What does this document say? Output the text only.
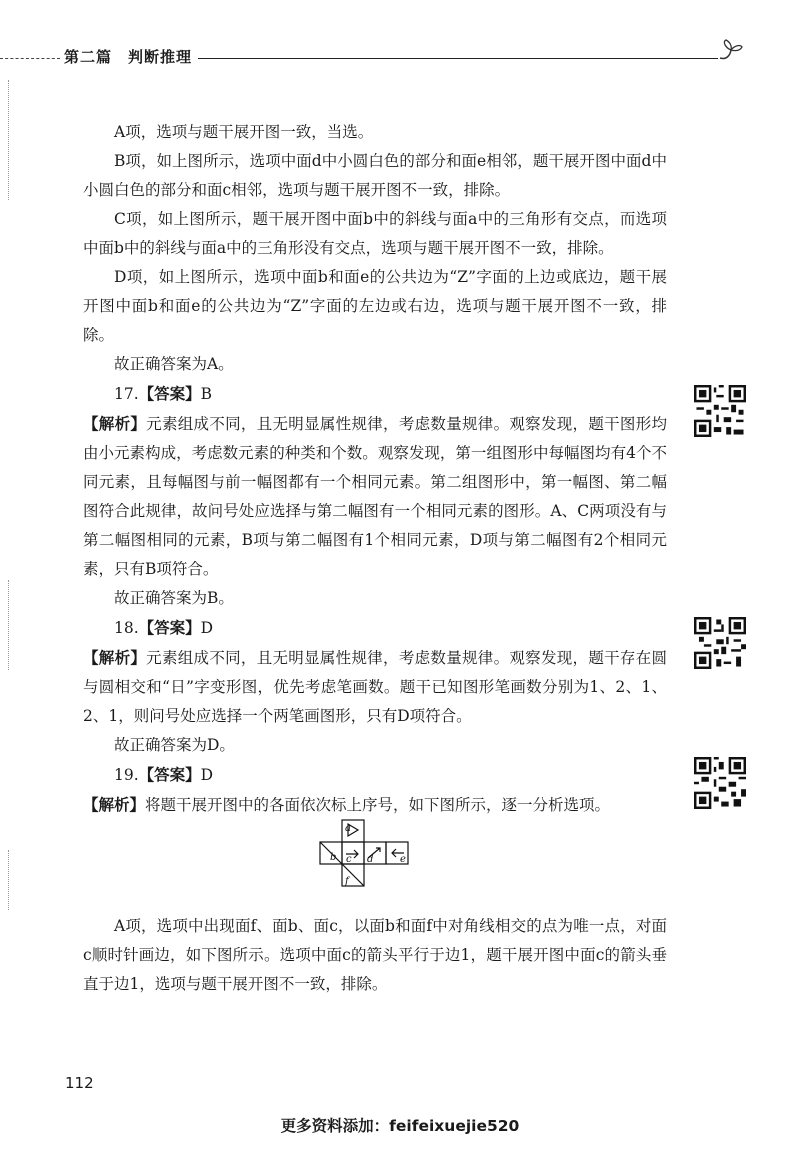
第二篇　判断推理

A项，选项与题干展开图一致，当选。

B项，如上图所示，选项中面d中小圆白色的部分和面e相邻，题干展开图中面d中小圆白色的部分和面c相邻，选项与题干展开图不一致，排除。

C项，如上图所示，题干展开图中面b中的斜线与面a中的三角形有交点，而选项中面b中的斜线与面a中的三角形没有交点，选项与题干展开图不一致，排除。

D项，如上图所示，选项中面b和面e的公共边为“Z”字面的上边或底边，题干展开图中面b和面e的公共边为“Z”字面的左边或右边，选项与题干展开图不一致，排除。

故正确答案为A。

17.【答案】B

【解析】元素组成不同，且无明显属性规律，考虑数量规律。观察发现，题干图形均由小元素构成，考虑数元素的种类和个数。观察发现，第一组图形中每幅图均有4个不同元素，且每幅图与前一幅图都有一个相同元素。第二组图形中，第一幅图、第二幅图符合此规律，故问号处应选择与第二幅图有一个相同元素的图形。A、C两项没有与第二幅图相同的元素，B项与第二幅图有1个相同元素，D项与第二幅图有2个相同元素，只有B项符合。

故正确答案为B。

18.【答案】D

【解析】元素组成不同，且无明显属性规律，考虑数量规律。观察发现，题干存在圆与圆相交和“日”字变形图，优先考虑笔画数。题干已知图形笔画数分别为1、2、1、2、1，则问号处应选择一个两笔画图形，只有D项符合。

故正确答案为D。

19.【答案】D

【解析】将题干展开图中的各面依次标上序号，如下图所示，逐一分析选项。

A项，选项中出现面f、面b、面c，以面b和面f中对角线相交的点为唯一点，对面c顺时针画边，如下图所示。选项中面c的箭头平行于边1，题干展开图中面c的箭头垂直于边1，选项与题干展开图不一致，排除。

a
b c d	e
f
112
更多资料添加：feifeixuejie520
